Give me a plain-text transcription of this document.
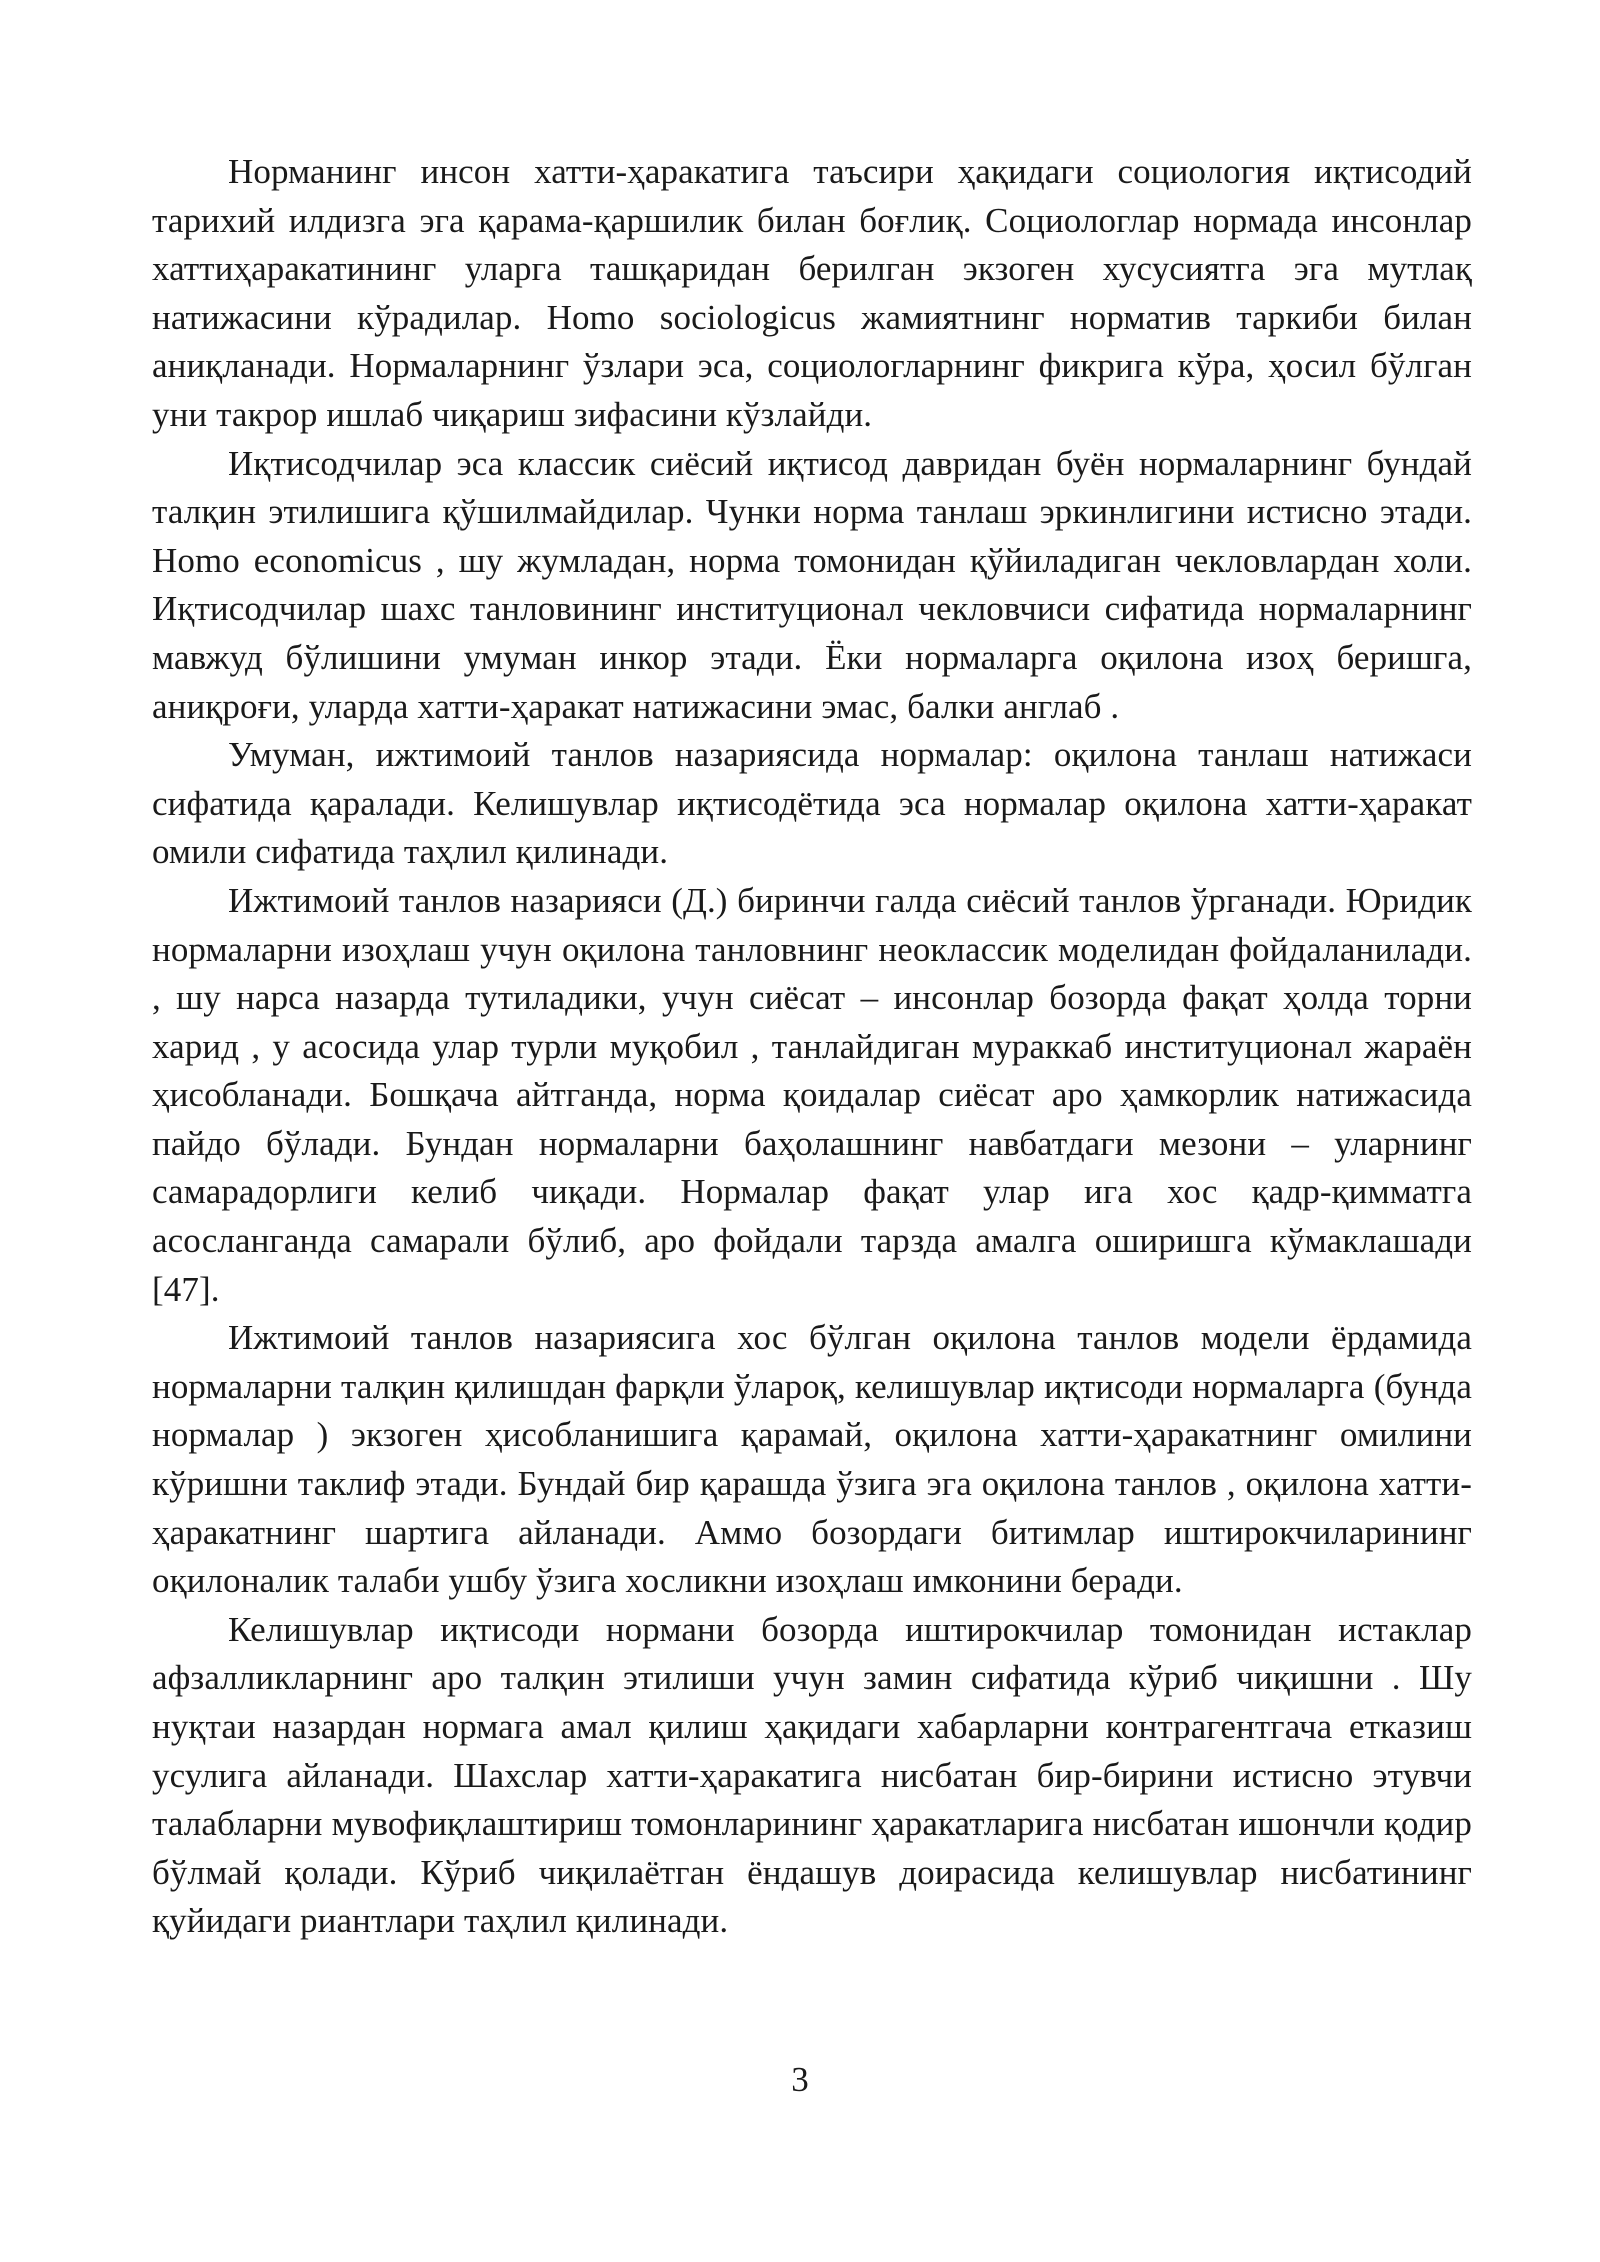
Норманинг инсон хатти-ҳаракатига таъсири ҳақидаги социология иқтисодий тарихий илдизга эга қарама-қаршилик билан боғлиқ. Социологлар нормада инсонлар хаттиҳаракатининг уларга ташқаридан берилган экзоген хусусиятга эга мутлақ натижасини кўрадилар. Homo sociologicus жамиятнинг норматив таркиби билан аниқланади. Нормаларнинг ўзлари эса, социологларнинг фикрига кўра, ҳосил бўлган уни такрор ишлаб чиқариш зифасини кўзлайди.

Иқтисодчилар эса классик сиёсий иқтисод давридан буён нормаларнинг бундай талқин этилишига қўшилмайдилар. Чунки норма танлаш эркинлигини истисно этади. Homo economicus , шу жумладан, норма томонидан қўйиладиган чекловлардан холи. Иқтисодчилар шахс танловининг институционал чекловчиси сифатида нормаларнинг мавжуд бўлишини умуман инкор этади. Ёки нормаларга оқилона изоҳ беришга, аниқроғи, уларда хатти-ҳаракат натижасини эмас, балки англаб .

Умуман, ижтимоий танлов назариясида нормалар: оқилона танлаш натижаси сифатида қаралади. Келишувлар иқтисодётида эса нормалар оқилона хатти-ҳаракат омили сифатида таҳлил қилинади.

Ижтимоий танлов назарияси (Д.) биринчи галда сиёсий танлов ўрганади. Юридик нормаларни изоҳлаш учун оқилона танловнинг неоклассик моделидан фойдаланилади. , шу нарса назарда тутиладики, учун сиёсат – инсонлар бозорда фақат ҳолда торни харид , у асосида улар турли муқобил , танлайдиган мураккаб институционал жараён ҳисобланади. Бошқача айтганда, норма қоидалар сиёсат аро ҳамкорлик натижасида пайдо бўлади. Бундан нормаларни баҳолашнинг навбатдаги мезони – уларнинг самарадорлиги келиб чиқади. Нормалар фақат улар ига хос қадр-қимматга асосланганда самарали бўлиб, аро фойдали тарзда амалга оширишга кўмаклашади [47].

Ижтимоий танлов назариясига хос бўлган оқилона танлов модели ёрдамида нормаларни талқин қилишдан фарқли ўлароқ, келишувлар иқтисоди нормаларга (бунда нормалар ) экзоген ҳисобланишига қарамай, оқилона хатти-ҳаракатнинг омилини кўришни таклиф этади. Бундай бир қарашда ўзига эга оқилона танлов , оқилона хатти-ҳаракатнинг шартига айланади. Аммо бозордаги битимлар иштирокчиларининг оқилоналик талаби ушбу ўзига хосликни изоҳлаш имконини беради.

Келишувлар иқтисоди нормани бозорда иштирокчилар томонидан истаклар афзалликларнинг аро талқин этилиши учун замин сифатида кўриб чиқишни . Шу нуқтаи назардан нормага амал қилиш ҳақидаги хабарларни контрагентгача етказиш усулига айланади. Шахслар хатти-ҳаракатига нисбатан бир-бирини истисно этувчи талабларни мувофиқлаштириш томонларининг ҳаракатларига нисбатан ишончли қодир бўлмай қолади. Кўриб чиқилаётган ёндашув доирасида келишувлар нисбатининг қуйидаги риантлари таҳлил қилинади.

3
